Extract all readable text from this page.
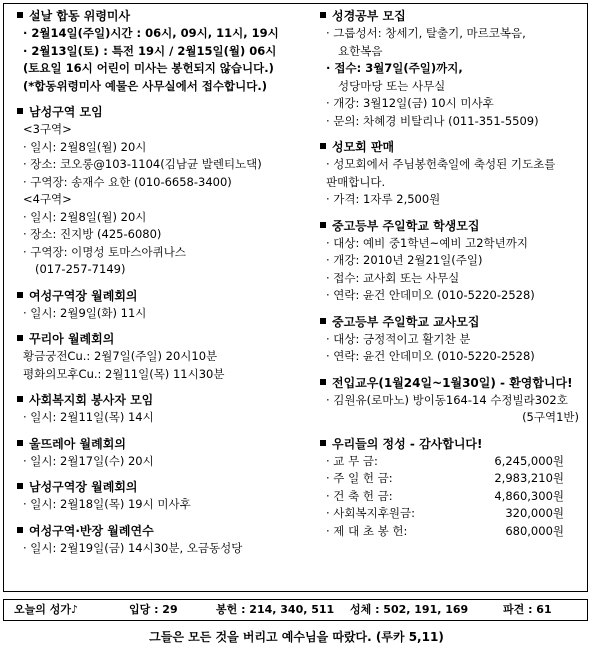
설날 합동 위령미사
· 2월14일(주일)시간 : 06시, 09시, 11시, 19시
· 2월13일(토) : 특전 19시 / 2월15일(월) 06시
(토요일 16시 어린이 미사는 봉헌되지 않습니다.)
(*합동위령미사 예물은 사무실에서 접수합니다.)
남성구역 모임
<3구역>
· 일시: 2월8일(월) 20시
· 장소: 코오롱@103-1104(김남균 발렌티노댁)
· 구역장: 송재수 요한 (010-6658-3400)
<4구역>
· 일시: 2월8일(월) 20시
· 장소: 진지방 (425-6080)
· 구역장: 이명성 토마스아퀴나스
(017-257-7149)
여성구역장 월례회의
· 일시: 2월9일(화) 11시
꾸리아 월례회의
황금궁전Cu.: 2월7일(주일) 20시10분
평화의모후Cu.: 2월11일(목) 11시30분
사회복지회 봉사자 모임
· 일시: 2월11일(목) 14시
울뜨레아 월례회의
· 일시: 2월17일(수) 20시
남성구역장 월례회의
· 일시: 2월18일(목) 19시 미사후
여성구역·반장 월례연수
· 일시: 2월19일(금) 14시30분, 오금동성당
성경공부 모집
· 그룹성서: 창세기, 탈출기, 마르코복음,
요한복음
· 접수: 3월7일(주일)까지,
성당마당 또는 사무실
· 개강: 3월12일(금) 10시 미사후
· 문의: 차혜경 비탈리나 (011-351-5509)
성모회 판매
· 성모회에서 주님봉헌축일에 축성된 기도초를
판매합니다.
· 가격: 1자루 2,500원
중고등부 주일학교 학생모집
· 대상: 예비 중1학년~예비 고2학년까지
· 개강: 2010년 2월21일(주일)
· 접수: 교사회 또는 사무실
· 연락: 윤건 안데미오 (010-5220-2528)
중고등부 주일학교 교사모집
· 대상: 긍정적이고 활기찬 분
· 연락: 윤건 안데미오 (010-5220-2528)
전입교우(1월24일~1월30일) - 환영합니다!
· 김원유(로마노) 방이동164-14 수정빌라302호
(5구역1반)
우리들의 정성 - 감사합니다!
· 교 무 금:	6,245,000원
· 주 일 헌 금:	2,983,210원
· 건 축 헌 금:	4,860,300원
· 사회복지후원금:	320,000원
· 제 대 초 봉 헌:	680,000원
오늘의 성가♪	입당 : 29	봉헌 : 214, 340, 511 성체 : 502, 191, 169	파견 : 61
그들은 모든 것을 버리고 예수님을 따랐다. (루카 5,11)
